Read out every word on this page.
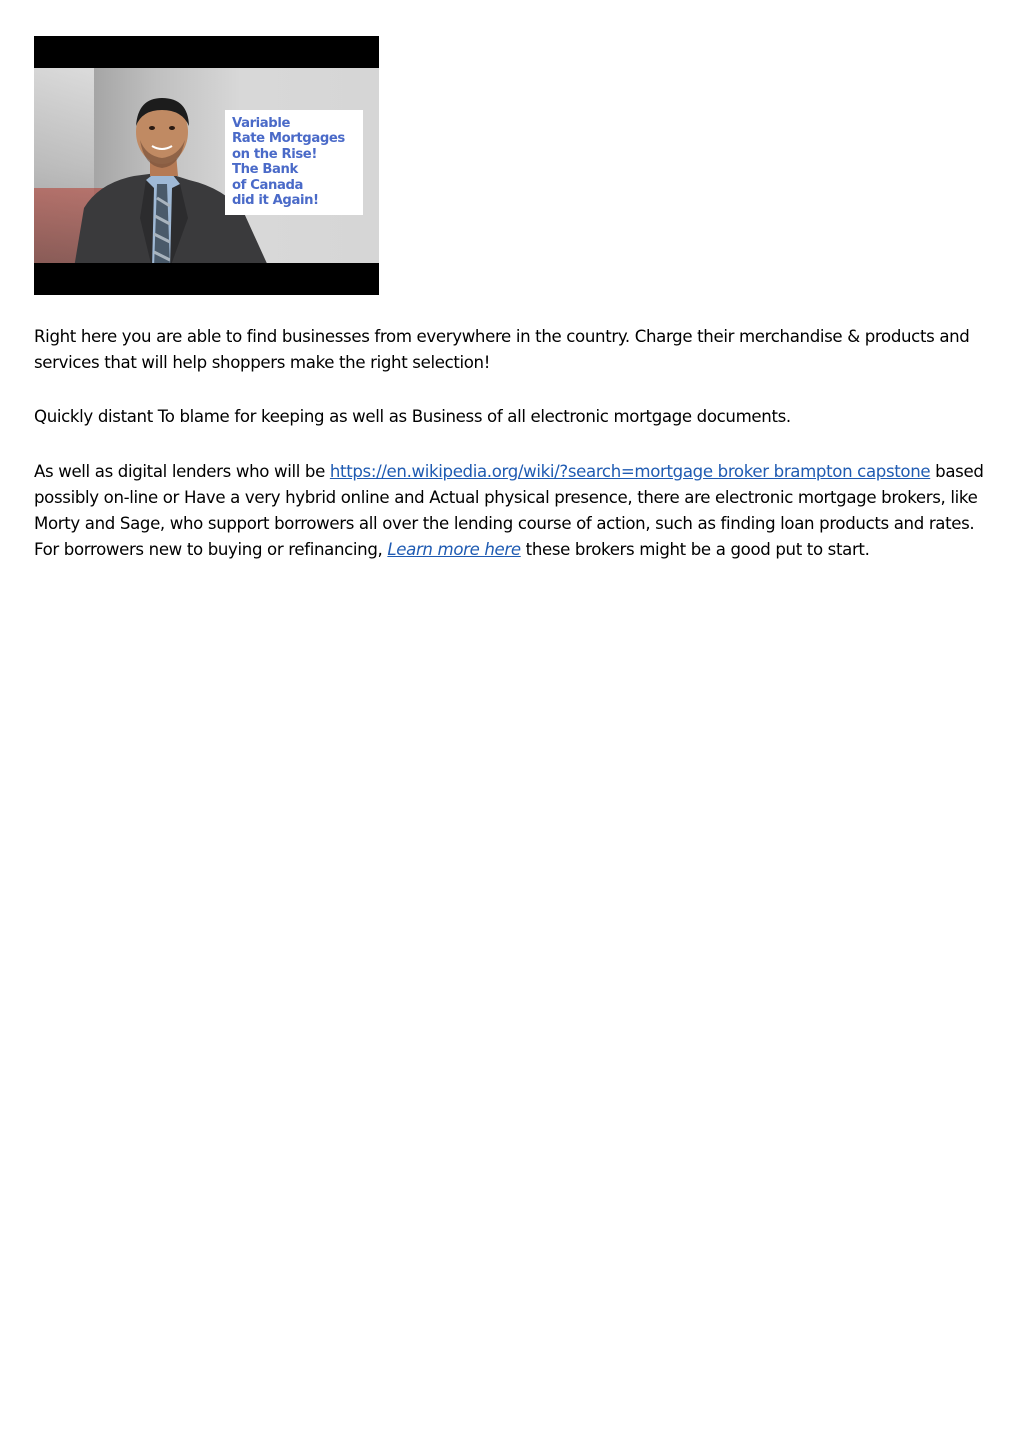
Variable
Rate Mortgages
on the Rise!
The Bank
of Canada
did it Again!

Right here you are able to find businesses from everywhere in the country. Charge their merchandise & products and services that will help shoppers make the right selection!

Quickly distant To blame for keeping as well as Business of all electronic mortgage documents.

As well as digital lenders who will be https://en.wikipedia.org/wiki/?search=mortgage broker brampton capstone based possibly on-line or Have a very hybrid online and Actual physical presence, there are electronic mortgage brokers, like Morty and Sage, who support borrowers all over the lending course of action, such as finding loan products and rates. For borrowers new to buying or refinancing, Learn more here these brokers might be a good put to start.
